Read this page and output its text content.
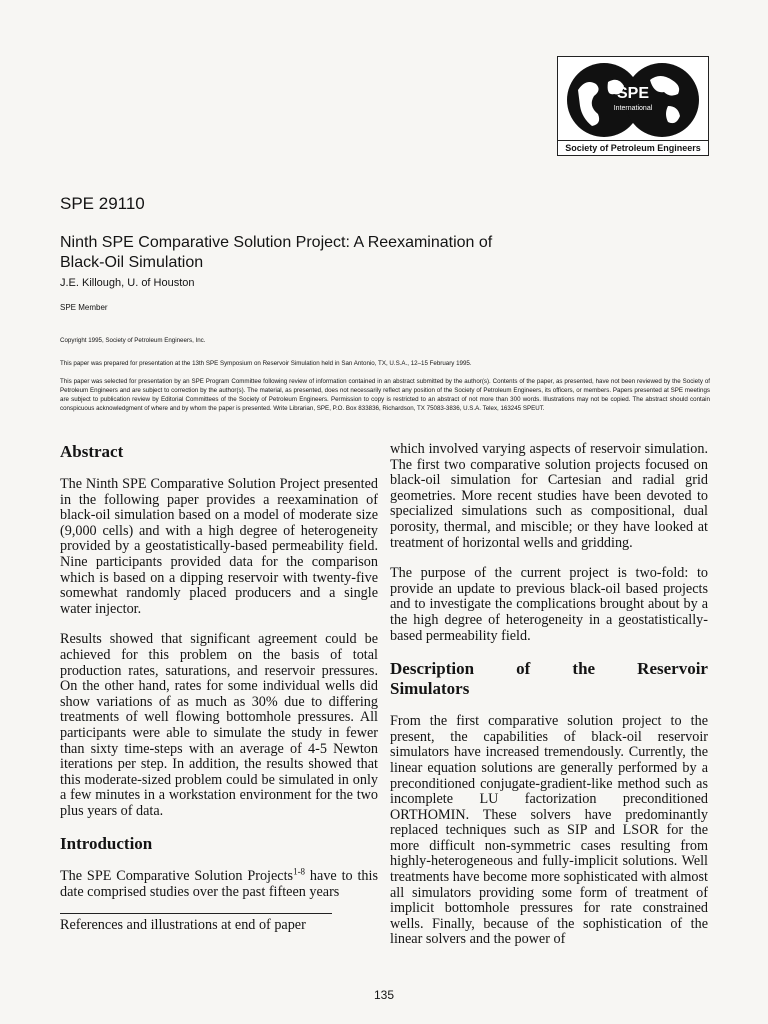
SPE
International
Society of Petroleum Engineers
SPE 29110
Ninth SPE Comparative Solution Project: A Reexamination of
Black-Oil Simulation
J.E. Killough, U. of Houston
SPE Member
Copyright 1995, Society of Petroleum Engineers, Inc.
This paper was prepared for presentation at the 13th SPE Symposium on Reservoir Simulation held in San Antonio, TX, U.S.A., 12–15 February 1995.
This paper was selected for presentation by an SPE Program Committee following review of information contained in an abstract submitted by the author(s). Contents of the paper, as presented, have not been reviewed by the Society of Petroleum Engineers and are subject to correction by the author(s). The material, as presented, does not necessarily reflect any position of the Society of Petroleum Engineers, its officers, or members. Papers presented at SPE meetings are subject to publication review by Editorial Committees of the Society of Petroleum Engineers. Permission to copy is restricted to an abstract of not more than 300 words. Illustrations may not be copied. The abstract should contain conspicuous acknowledgment of where and by whom the paper is presented. Write Librarian, SPE, P.O. Box 833836, Richardson, TX 75083-3836, U.S.A. Telex, 163245 SPEUT.
Abstract

The Ninth SPE Comparative Solution Project presented in the following paper provides a reexamination of black-oil simulation based on a model of moderate size (9,000 cells) and with a high degree of heterogeneity provided by a geostatistically-based permeability field. Nine participants provided data for the comparison which is based on a dipping reservoir with twenty-five somewhat randomly placed producers and a single water injector.

Results showed that significant agreement could be achieved for this problem on the basis of total production rates, saturations, and reservoir pressures. On the other hand, rates for some individual wells did show variations of as much as 30% due to differing treatments of well flowing bottomhole pressures. All participants were able to simulate the study in fewer than sixty time-steps with an average of 4-5 Newton iterations per step. In addition, the results showed that this moderate-sized problem could be simulated in only a few minutes in a workstation environment for the two plus years of data.

Introduction

The SPE Comparative Solution Projects$^{1-8}$ have to this date comprised studies over the past fifteen years

References and illustrations at end of paper

which involved varying aspects of reservoir simulation. The first two comparative solution projects focused on black-oil simulation for Cartesian and radial grid geometries. More recent studies have been devoted to specialized simulations such as compositional, dual porosity, thermal, and miscible; or they have looked at treatment of horizontal wells and gridding.

The purpose of the current project is two-fold: to provide an update to previous black-oil based projects and to investigate the complications brought about by a the high degree of heterogeneity in a geostatistically-based permeability field.

Description of the Reservoir
Simulators

From the first comparative solution project to the present, the capabilities of black-oil reservoir simulators have increased tremendously. Currently, the linear equation solutions are generally performed by a preconditioned conjugate-gradient-like method such as incomplete LU factorization preconditioned ORTHOMIN. These solvers have predominantly replaced techniques such as SIP and LSOR for the more difficult non-symmetric cases resulting from highly-heterogeneous and fully-implicit solutions. Well treatments have become more sophisticated with almost all simulators providing some form of treatment of implicit bottomhole pressures for rate constrained wells. Finally, because of the sophistication of the linear solvers and the power of

135
